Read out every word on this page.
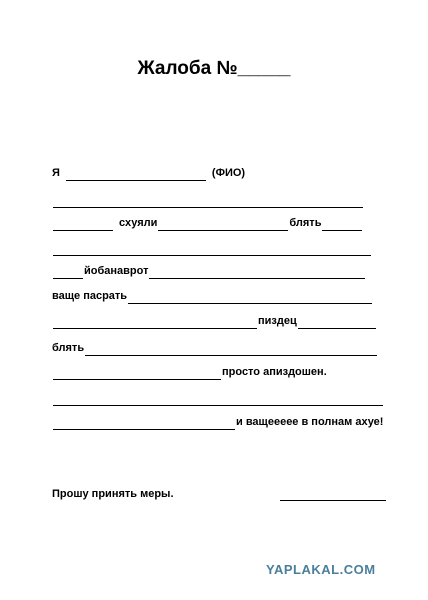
Жалоба №_____
Я	(ФИО)
схуяли	блять
йобанаврот
ваще пасрать
пиздец
блять
просто апиздошен.
и ващеееее в полнам ахуе!
Прошу принять меры.
YAPLAKAL.COM
